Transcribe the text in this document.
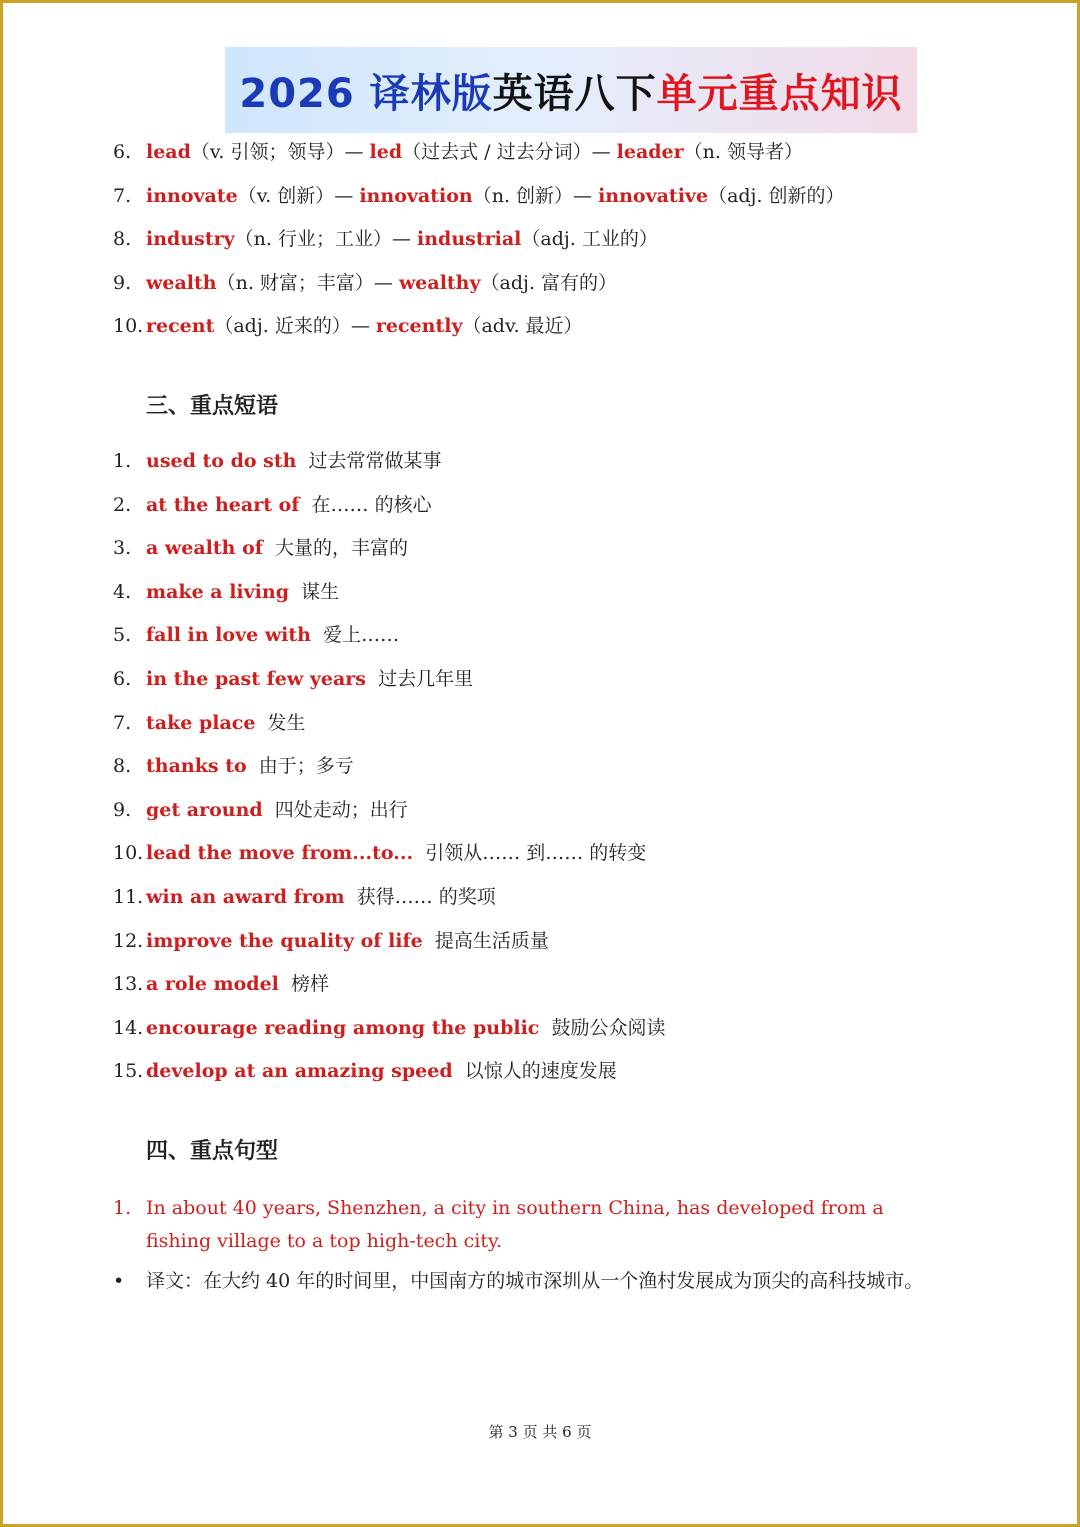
2026 译林版 英语八下 单元重点知识
6. lead（v. 引领；领导）— led（过去式 / 过去分词）— leader（n. 领导者）
7. innovate（v. 创新）— innovation（n. 创新）— innovative（adj. 创新的）
8. industry（n. 行业；工业）— industrial（adj. 工业的）
9. wealth（n. 财富；丰富）— wealthy（adj. 富有的）
10. recent（adj. 近来的）— recently（adv. 最近）
三、重点短语
1. used to do sth  过去常常做某事
2. at the heart of  在…… 的核心
3. a wealth of  大量的，丰富的
4. make a living  谋生
5. fall in love with  爱上……
6. in the past few years  过去几年里
7. take place  发生
8. thanks to  由于；多亏
9. get around  四处走动；出行
10. lead the move from...to...  引领从…… 到…… 的转变
11. win an award from  获得…… 的奖项
12. improve the quality of life  提高生活质量
13. a role model  榜样
14. encourage reading among the public  鼓励公众阅读
15. develop at an amazing speed  以惊人的速度发展
四、重点句型
1. In about 40 years, Shenzhen, a city in southern China, has developed from a fishing village to a top high-tech city.
• 译文：在大约 40 年的时间里，中国南方的城市深圳从一个渔村发展成为顶尖的高科技城市。
第 3 页 共 6 页
